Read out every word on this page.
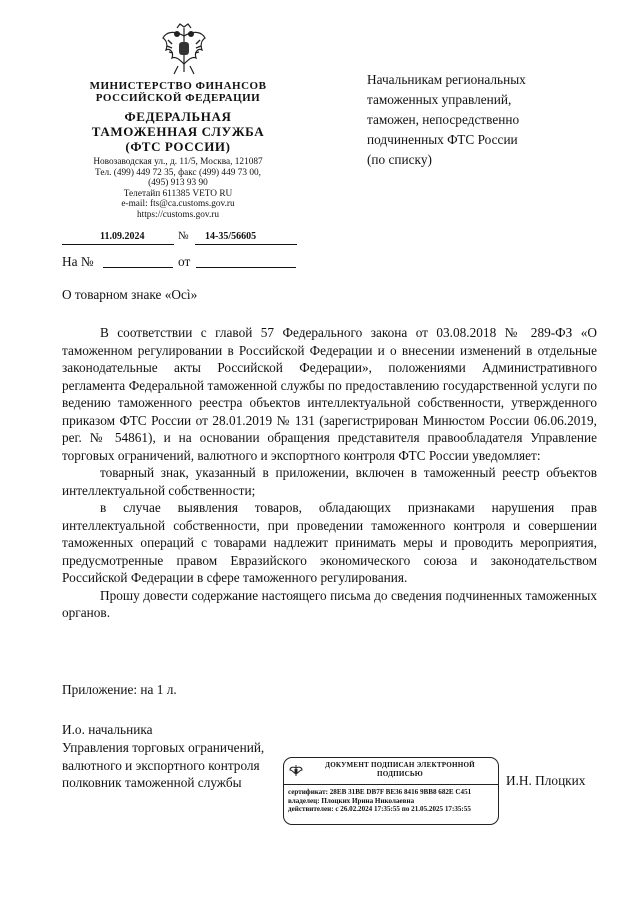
МИНИСТЕРСТВО ФИНАНСОВ
РОССИЙСКОЙ ФЕДЕРАЦИИ
ФЕДЕРАЛЬНАЯ
ТАМОЖЕННАЯ СЛУЖБА
(ФТС РОССИИ)
Новозаводская ул., д. 11/5, Москва, 121087
Тел. (499) 449 72 35, факс (499) 449 73 00,
(495) 913 93 90
Телетайп 611385 VETO RU
e-mail: fts@ca.customs.gov.ru
https://customs.gov.ru
11.09.2024	№ 14-35/56605
На №	от
Начальникам региональных
таможенных управлений,
таможен, непосредственно
подчиненных ФТС России
(по списку)
О товарном знаке «Ocì»

В соответствии с главой 57 Федерального закона от 03.08.2018 № 289-ФЗ «О таможенном регулировании в Российской Федерации и о внесении изменений в отдельные законодательные акты Российской Федерации», положениями Административного регламента Федеральной таможенной службы по предоставлению государственной услуги по ведению таможенного реестра объектов интеллектуальной собственности, утвержденного приказом ФТС России от 28.01.2019 № 131 (зарегистрирован Минюстом России 06.06.2019, рег. № 54861), и на основании обращения представителя правообладателя Управление торговых ограничений, валютного и экспортного контроля ФТС России уведомляет:

товарный знак, указанный в приложении, включен в таможенный реестр объектов интеллектуальной собственности;

в случае выявления товаров, обладающих признаками нарушения прав интеллектуальной собственности, при проведении таможенного контроля и совершении таможенных операций с товарами надлежит принимать меры и проводить мероприятия, предусмотренные правом Евразийского экономического союза и законодательством Российской Федерации в сфере таможенного регулирования.

Прошу довести содержание настоящего письма до сведения подчиненных таможенных органов.

Приложение: на 1 л.
И.о. начальника
Управления торговых ограничений,
валютного и экспортного контроля
полковник таможенной службы
ДОКУМЕНТ ПОДПИСАН ЭЛЕКТРОННОЙ
ПОДПИСЬЮ
сертификат: 28EB 31BE DB7F BE36 8416 9BB8 682E C451
владелец: Плоцких Ирина Николаевна
действителен: с 26.02.2024 17:35:55 по 21.05.2025 17:35:55
И.Н. Плоцких
